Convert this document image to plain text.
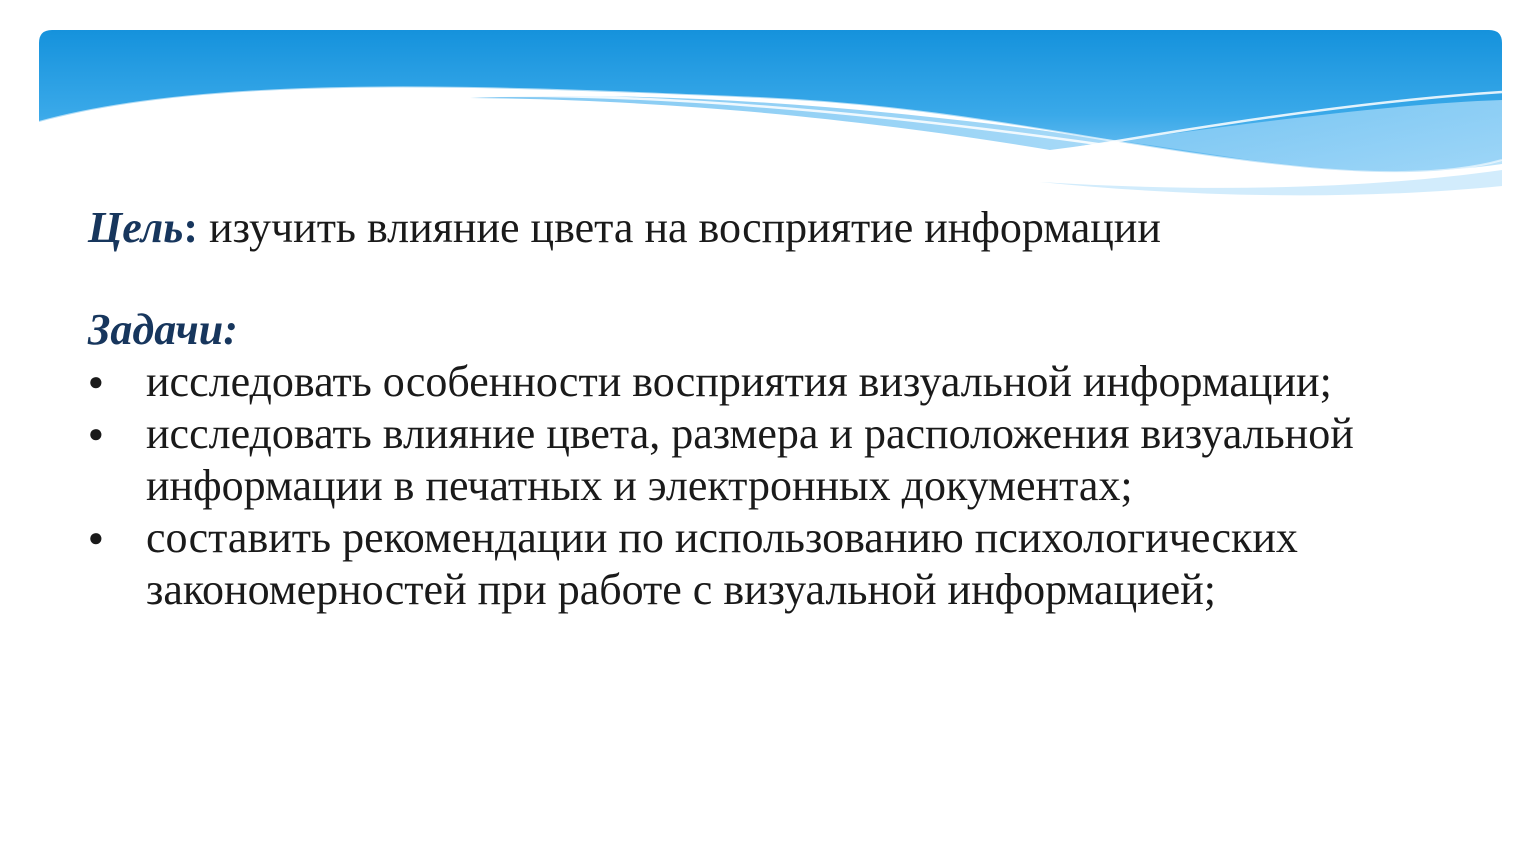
Цель: изучить влияние цвета на восприятие информации

Задачи:

● исследовать особенности восприятия визуальной информации;
● исследовать влияние цвета, размера и расположения визуальной информации в печатных и электронных документах;
● составить рекомендации по использованию психологических закономерностей при работе с визуальной информацией;
